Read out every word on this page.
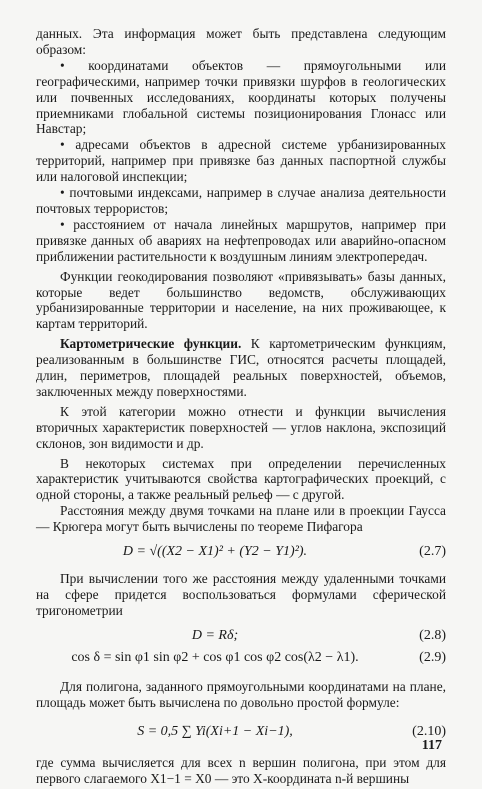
данных. Эта информация может быть представлена следующим образом:

• координатами объектов — прямоугольными или географическими, например точки привязки шурфов в геологических или почвенных исследованиях, координаты которых получены приемниками глобальной системы позиционирования Глонасс или Навстар;

• адресами объектов в адресной системе урбанизированных территорий, например при привязке баз данных паспортной службы или налоговой инспекции;

• почтовыми индексами, например в случае анализа деятельности почтовых террористов;

• расстоянием от начала линейных маршрутов, например при привязке данных об авариях на нефтепроводах или аварийно-опасном приближении растительности к воздушным линиям электропередач.

Функции геокодирования позволяют «привязывать» базы данных, которые ведет большинство ведомств, обслуживающих урбанизированные территории и население, на них проживающее, к картам территорий.

Картометрические функции. К картометрическим функциям, реализованным в большинстве ГИС, относятся расчеты площадей, длин, периметров, площадей реальных поверхностей, объемов, заключенных между поверхностями.

К этой категории можно отнести и функции вычисления вторичных характеристик поверхностей — углов наклона, экспозиций склонов, зон видимости и др.

В некоторых системах при определении перечисленных характеристик учитываются свойства картографических проекций, с одной стороны, а также реальный рельеф — с другой.

Расстояния между двумя точками на плане или в проекции Гаусса — Крюгера могут быть вычислены по теореме Пифагора

D = √((X2 − X1)² + (Y2 − Y1)²).	(2.7)

При вычислении того же расстояния между удаленными точками на сфере придется воспользоваться формулами сферической тригонометрии

D = Rδ;	(2.8)
cos δ = sin φ1 sin φ2 + cos φ1 cos φ2 cos(λ2 − λ1).	(2.9)

Для полигона, заданного прямоугольными координатами на плане, площадь может быть вычислена по довольно простой формуле:

S = 0,5 ∑ Yi(Xi+1 − Xi−1),	(2.10)

где сумма вычисляется для всех n вершин полигона, при этом для первого слагаемого X1−1 = X0 — это X-координата n-й вершины

117
